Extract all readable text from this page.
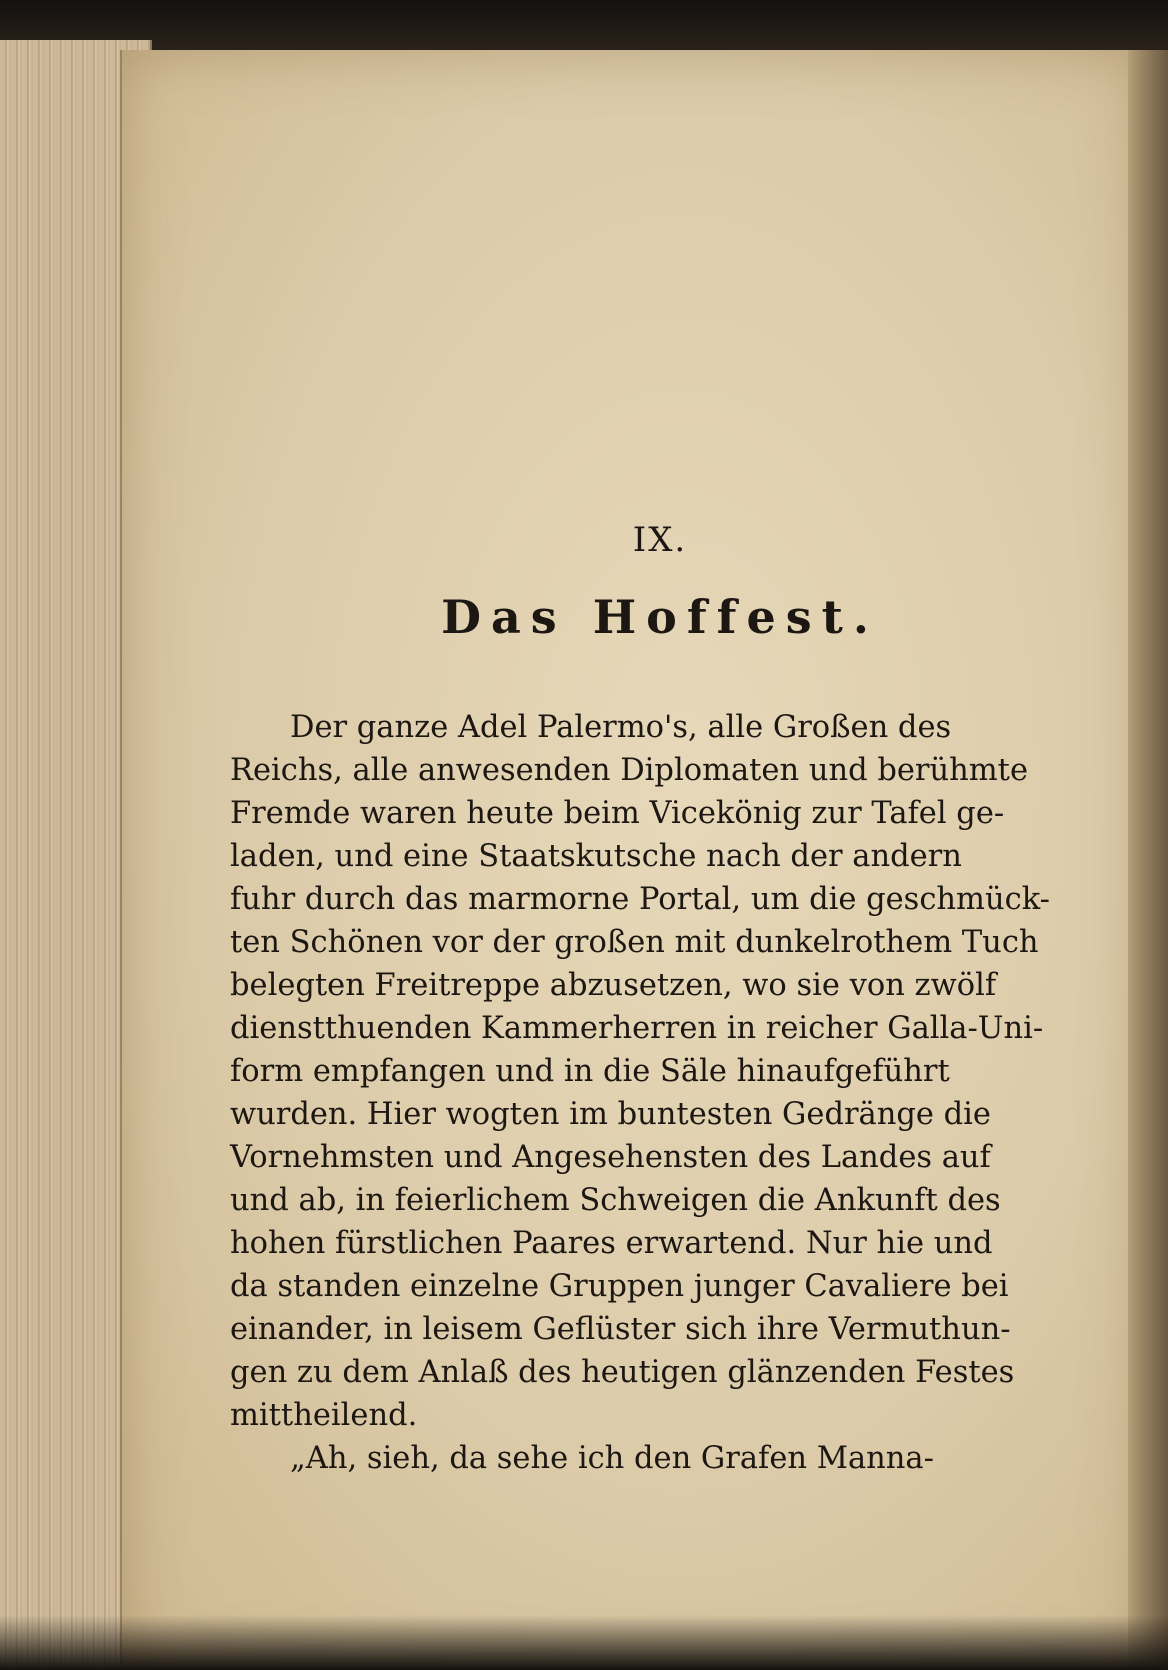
IX.
Das Hoffest.

Der ganze Adel Palermo's, alle Großen des
Reichs, alle anwesenden Diplomaten und berühmte
Fremde waren heute beim Vicekönig zur Tafel ge-
laden, und eine Staatskutsche nach der andern
fuhr durch das marmorne Portal, um die geschmück-
ten Schönen vor der großen mit dunkelrothem Tuch
belegten Freitreppe abzusetzen, wo sie von zwölf
dienstthuenden Kammerherren in reicher Galla-Uni-
form empfangen und in die Säle hinaufgeführt
wurden. Hier wogten im buntesten Gedränge die
Vornehmsten und Angesehensten des Landes auf
und ab, in feierlichem Schweigen die Ankunft des
hohen fürstlichen Paares erwartend. Nur hie und
da standen einzelne Gruppen junger Cavaliere bei
einander, in leisem Geflüster sich ihre Vermuthun-
gen zu dem Anlaß des heutigen glänzenden Festes
mittheilend.

„Ah, sieh, da sehe ich den Grafen Manna-
